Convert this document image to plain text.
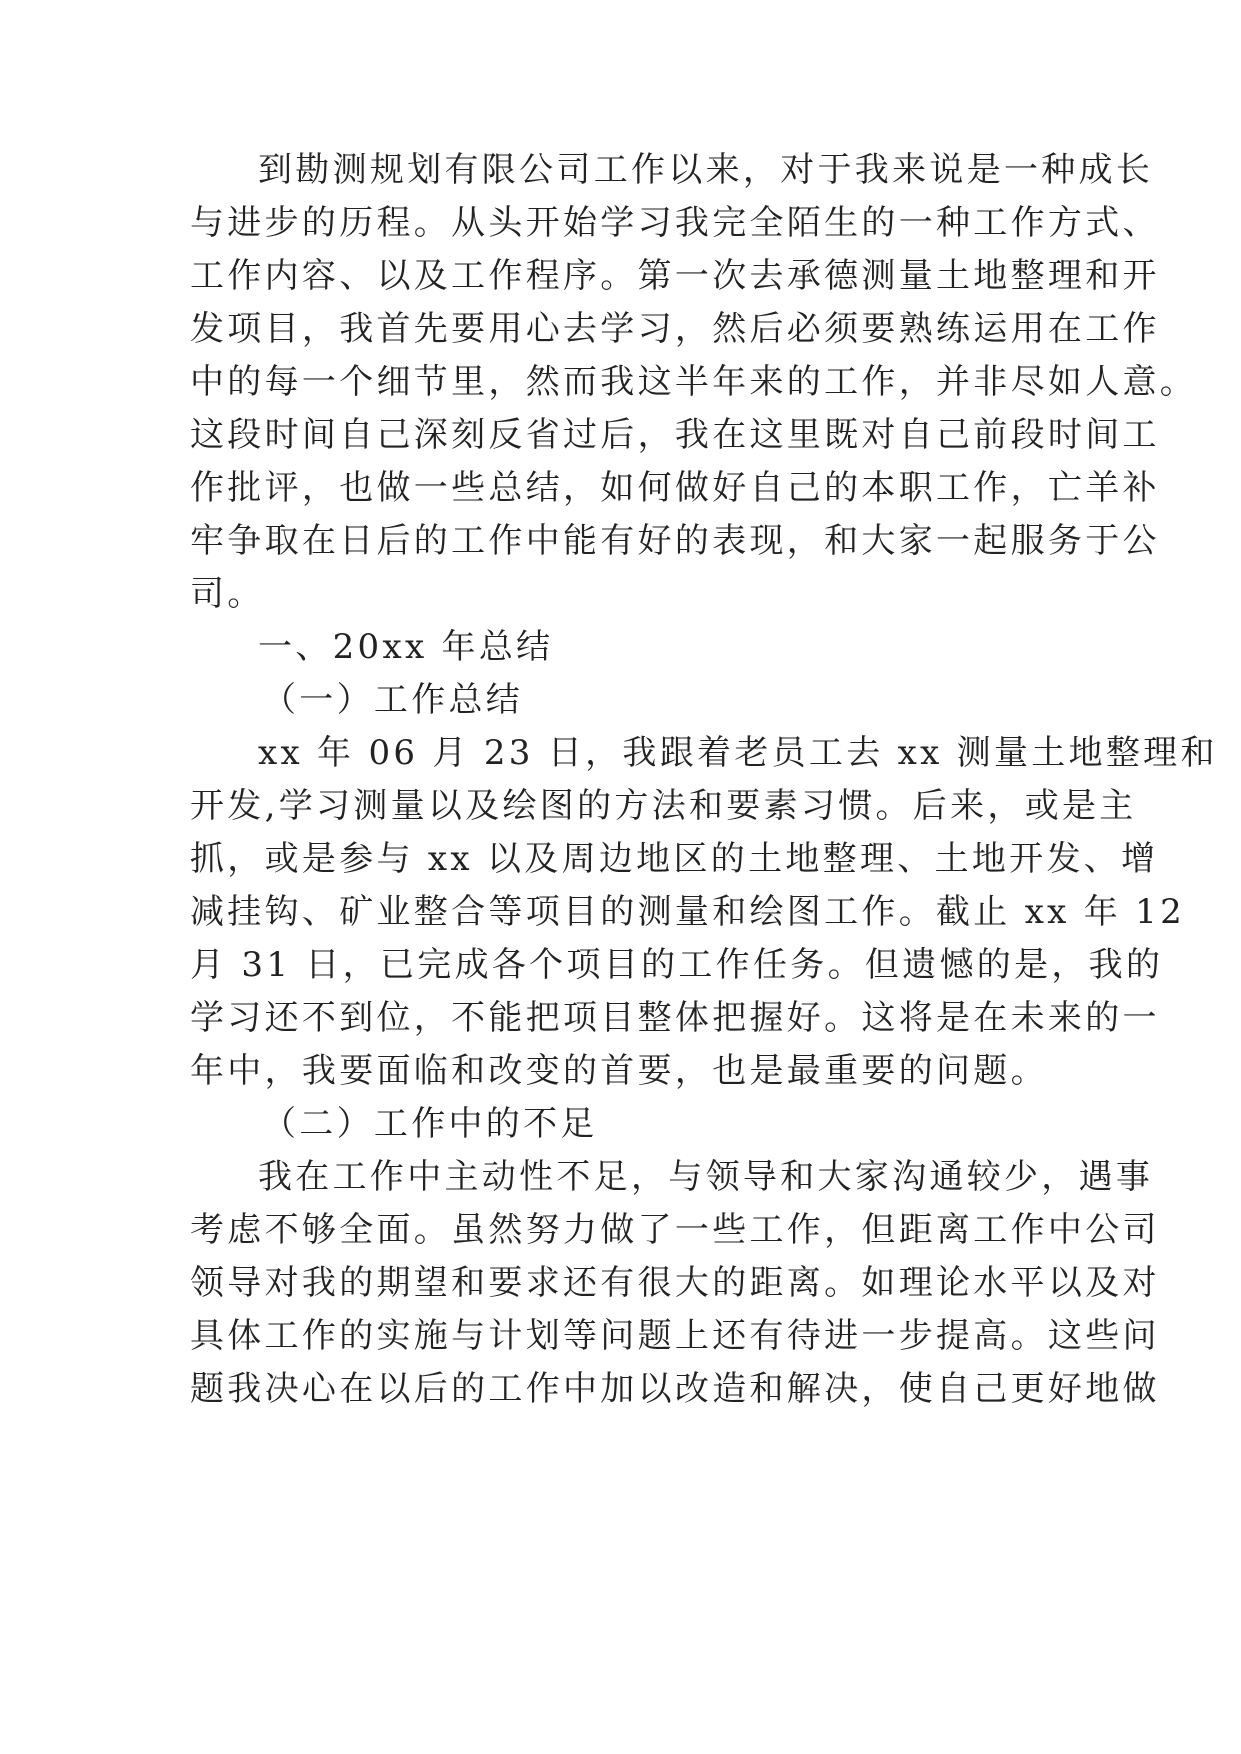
到勘测规划有限公司工作以来，对于我来说是一种成长
与进步的历程。从头开始学习我完全陌生的一种工作方式、
工作内容、以及工作程序。第一次去承德测量土地整理和开
发项目，我首先要用心去学习，然后必须要熟练运用在工作
中的每一个细节里，然而我这半年来的工作，并非尽如人意。
这段时间自己深刻反省过后，我在这里既对自己前段时间工
作批评，也做一些总结，如何做好自己的本职工作，亡羊补
牢争取在日后的工作中能有好的表现，和大家一起服务于公
司。
一、20xx 年总结
（一）工作总结
xx 年 06 月 23 日，我跟着老员工去 xx 测量土地整理和
开发,学习测量以及绘图的方法和要素习惯。后来，或是主
抓，或是参与 xx 以及周边地区的土地整理、土地开发、增
减挂钩、矿业整合等项目的测量和绘图工作。截止 xx 年 12
月 31 日，已完成各个项目的工作任务。但遗憾的是，我的
学习还不到位，不能把项目整体把握好。这将是在未来的一
年中，我要面临和改变的首要，也是最重要的问题。
（二）工作中的不足
我在工作中主动性不足，与领导和大家沟通较少，遇事
考虑不够全面。虽然努力做了一些工作，但距离工作中公司
领导对我的期望和要求还有很大的距离。如理论水平以及对
具体工作的实施与计划等问题上还有待进一步提高。这些问
题我决心在以后的工作中加以改造和解决，使自己更好地做
